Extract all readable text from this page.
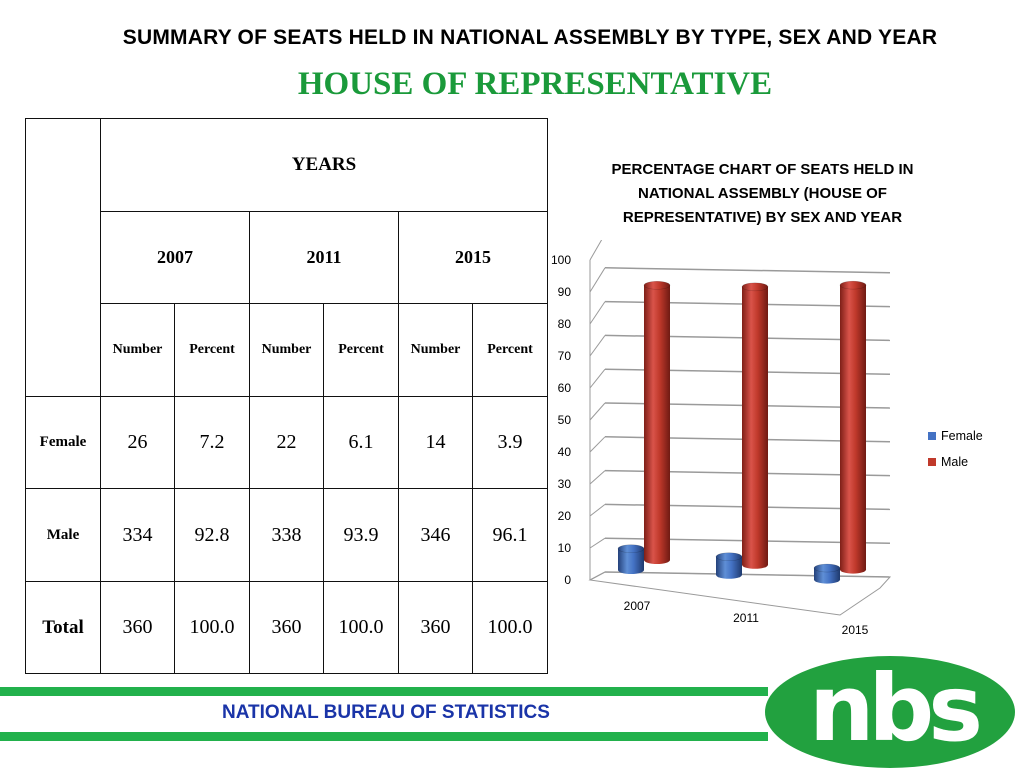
SUMMARY OF SEATS HELD IN NATIONAL ASSEMBLY BY TYPE, SEX AND YEAR
HOUSE OF REPRESENTATIVE
	YEARS					
	2007		2011		2015	
	Number	Percent	Number	Percent	Number	Percent
Female	26	7.2	22	6.1	14	3.9
Male	334	92.8	338	93.9	346	96.1
Total	360	100.0	360	100.0	360	100.0
PERCENTAGE CHART OF SEATS HELD IN NATIONAL ASSEMBLY (HOUSE OF REPRESENTATIVE) BY SEX AND YEAR
0
10
20
30
40
50
60
70
80
90
100
2007
2011
2015
Female
Male
NATIONAL BUREAU OF STATISTICS	nbs
